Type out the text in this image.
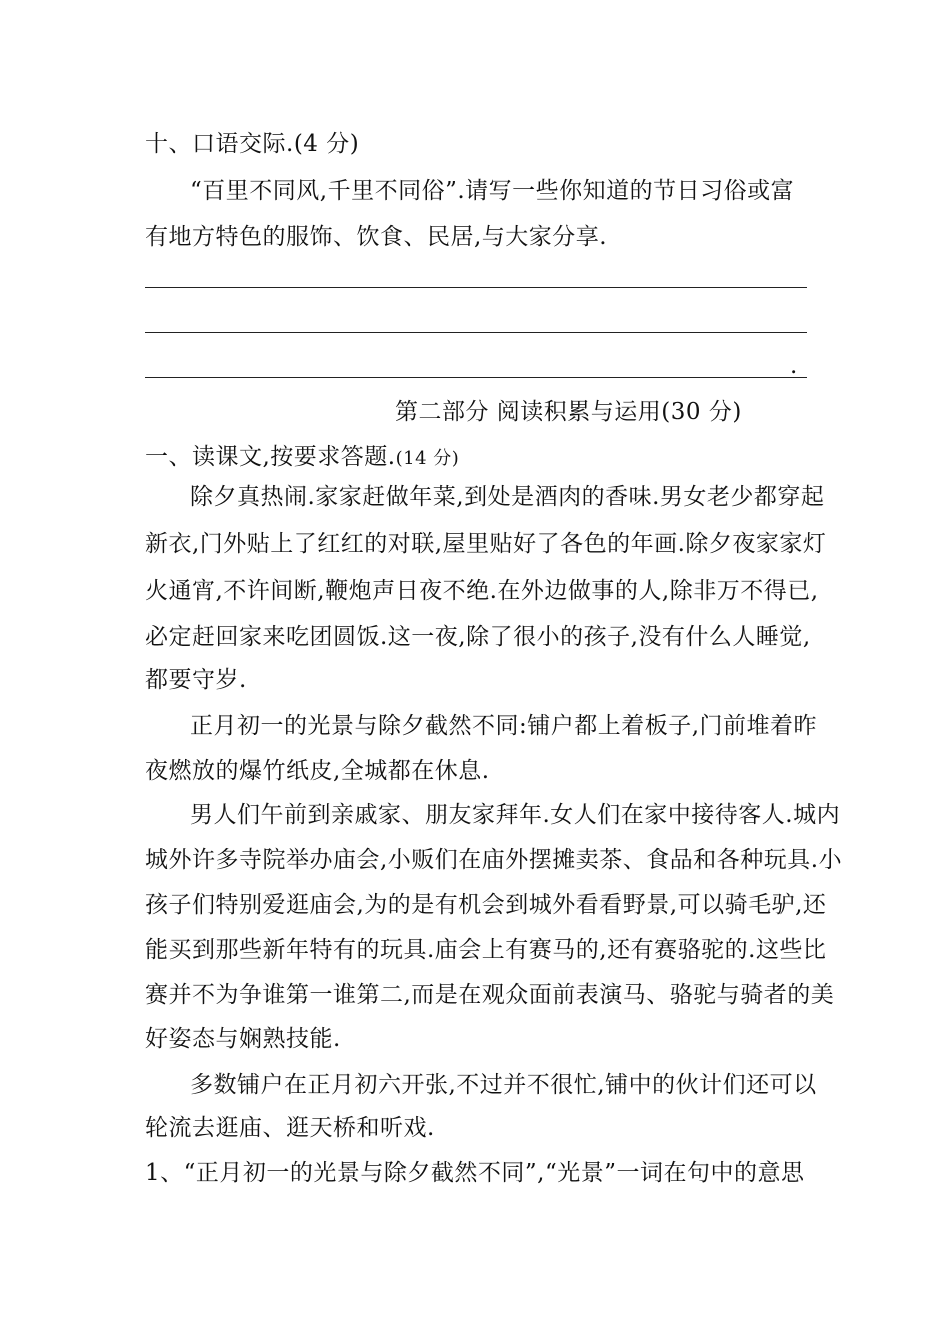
十、口语交际.(4 分)
“百里不同风,千里不同俗”.请写一些你知道的节日习俗或富
有地方特色的服饰、饮食、民居,与大家分享.
.
第二部分 阅读积累与运用(30 分)
一、读课文,按要求答题.(14 分)
除夕真热闹.家家赶做年菜,到处是酒肉的香味.男女老少都穿起
新衣,门外贴上了红红的对联,屋里贴好了各色的年画.除夕夜家家灯
火通宵,不许间断,鞭炮声日夜不绝.在外边做事的人,除非万不得已,
必定赶回家来吃团圆饭.这一夜,除了很小的孩子,没有什么人睡觉,
都要守岁.
正月初一的光景与除夕截然不同:铺户都上着板子,门前堆着昨
夜燃放的爆竹纸皮,全城都在休息.
男人们午前到亲戚家、朋友家拜年.女人们在家中接待客人.城内
城外许多寺院举办庙会,小贩们在庙外摆摊卖茶、食品和各种玩具.小
孩子们特别爱逛庙会,为的是有机会到城外看看野景,可以骑毛驴,还
能买到那些新年特有的玩具.庙会上有赛马的,还有赛骆驼的.这些比
赛并不为争谁第一谁第二,而是在观众面前表演马、骆驼与骑者的美
好姿态与娴熟技能.
多数铺户在正月初六开张,不过并不很忙,铺中的伙计们还可以
轮流去逛庙、逛天桥和听戏.
1、“正月初一的光景与除夕截然不同”,“光景”一词在句中的意思
